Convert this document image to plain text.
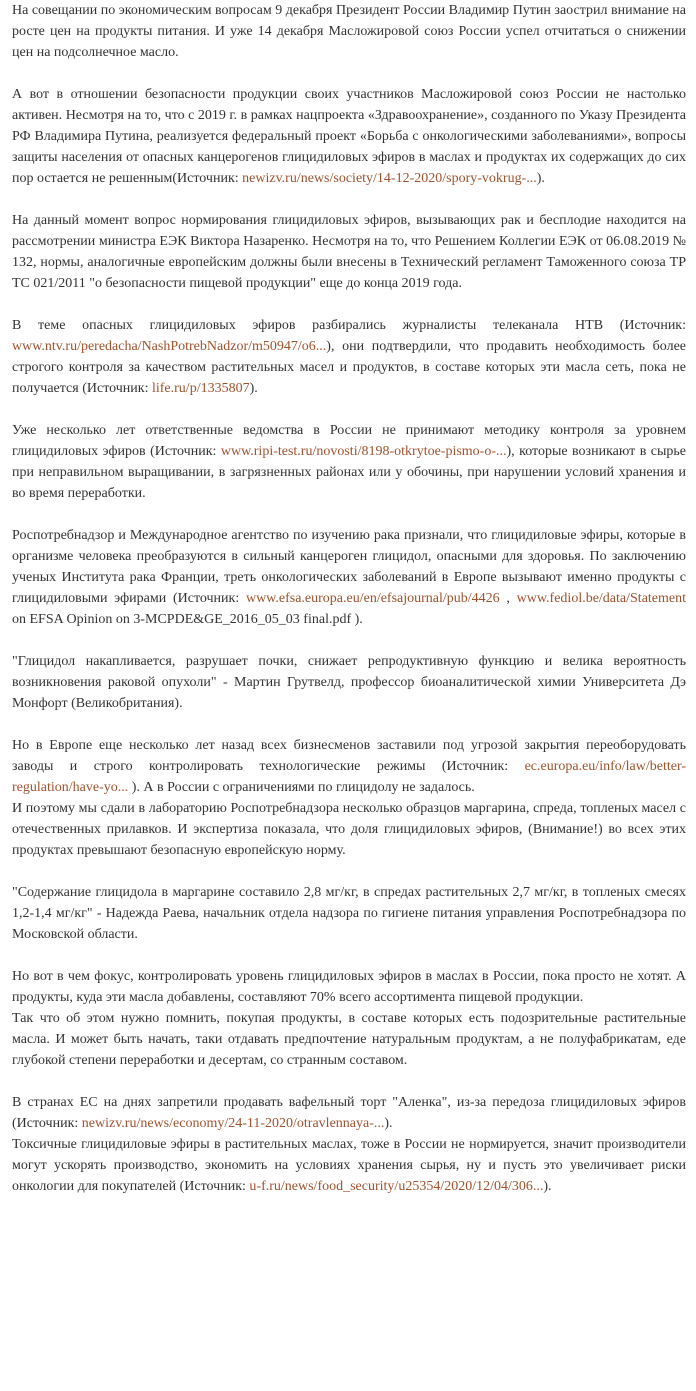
На совещании по экономическим вопросам 9 декабря Президент России Владимир Путин заострил внимание на росте цен на продукты питания. И уже 14 декабря Масложировой союз России успел отчитаться о снижении цен на подсолнечное масло.

А вот в отношении безопасности продукции своих участников Масложировой союз России не настолько активен. Несмотря на то, что с 2019 г. в рамках нацпроекта «Здравоохранение», созданного по Указу Президента РФ Владимира Путина, реализуется федеральный проект «Борьба с онкологическими заболеваниями», вопросы защиты населения от опасных канцерогенов глицидиловых эфиров в маслах и продуктах их содержащих до сих пор остается не решенным(Источник: newizv.ru/news/society/14-12-2020/spory-vokrug-...).

На данный момент вопрос нормирования глицидиловых эфиров, вызывающих рак и бесплодие находится на рассмотрении министра ЕЭК Виктора Назаренко. Несмотря на то, что Решением Коллегии ЕЭК от 06.08.2019 № 132, нормы, аналогичные европейским должны были внесены в Технический регламент Таможенного союза ТР ТС 021/2011 "о безопасности пищевой продукции" еще до конца 2019 года.

В теме опасных глицидиловых эфиров разбирались журналисты телеканала НТВ (Источник: www.ntv.ru/peredacha/NashPotrebNadzor/m50947/o6...), они подтвердили, что продавить необходимость более строгого контроля за качеством растительных масел и продуктов, в составе которых эти масла сеть, пока не получается (Источник: life.ru/p/1335807).

Уже несколько лет ответственные ведомства в России не принимают методику контроля за уровнем глицидиловых эфиров (Источник: www.ripi-test.ru/novosti/8198-otkrytoe-pismo-o-...), которые возникают в сырье при неправильном выращивании, в загрязненных районах или у обочины, при нарушении условий хранения и во время переработки.

Роспотребнадзор и Международное агентство по изучению рака признали, что глицидиловые эфиры, которые в организме человека преобразуются в сильный канцероген глицидол, опасными для здоровья. По заключению ученых Института рака Франции, треть онкологических заболеваний в Европе вызывают именно продукты с глицидиловыми эфирами (Источник: www.efsa.europa.eu/en/efsajournal/pub/4426 , www.fediol.be/data/Statement on EFSA Opinion on 3-MCPDE&GE_2016_05_03 final.pdf ).

"Глицидол накапливается, разрушает почки, снижает репродуктивную функцию и велика вероятность возникновения раковой опухоли" - Мартин Грутвелд, профессор биоаналитической химии Университета Дэ Монфорт (Великобритания).

Но в Европе еще несколько лет назад всех бизнесменов заставили под угрозой закрытия переоборудовать заводы и строго контролировать технологические режимы (Источник: ec.europa.eu/info/law/better-regulation/have-yo... ). А в России с ограничениями по глицидолу не задалось.
И поэтому мы сдали в лабораторию Роспотребнадзора несколько образцов маргарина, спреда, топленых масел с отечественных прилавков. И экспертиза показала, что доля глицидиловых эфиров, (Внимание!) во всех этих продуктах превышают безопасную европейскую норму.

"Содержание глицидола в маргарине составило 2,8 мг/кг, в спредах растительных 2,7 мг/кг, в топленых смесях 1,2-1,4 мг/кг" - Надежда Раева, начальник отдела надзора по гигиене питания управления Роспотребнадзора по Московской области.

Но вот в чем фокус, контролировать уровень глицидиловых эфиров в маслах в России, пока просто не хотят. А продукты, куда эти масла добавлены, составляют 70% всего ассортимента пищевой продукции.
Так что об этом нужно помнить, покупая продукты, в составе которых есть подозрительные растительные масла. И может быть начать, таки отдавать предпочтение натуральным продуктам, а не полуфабрикатам, еде глубокой степени переработки и десертам, со странным составом.

В странах ЕС на днях запретили продавать вафельный торт "Аленка", из-за передоза глицидиловых эфиров (Источник: newizv.ru/news/economy/24-11-2020/otravlennaya-...).
Токсичные глицидиловые эфиры в растительных маслах, тоже в России не нормируется, значит производители могут ускорять производство, экономить на условиях хранения сырья, ну и пусть это увеличивает риски онкологии для покупателей (Источник: u-f.ru/news/food_security/u25354/2020/12/04/306...).
